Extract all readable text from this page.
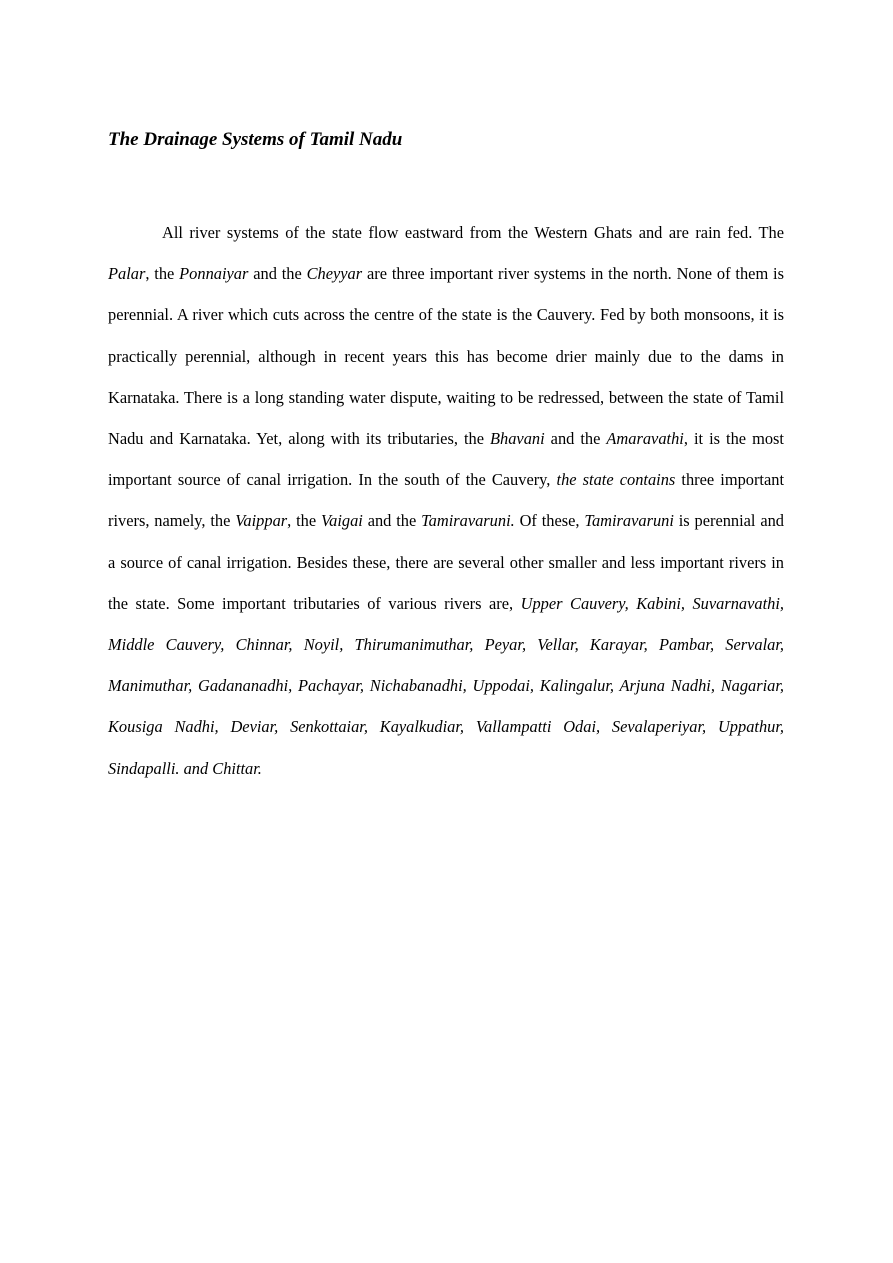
The Drainage Systems of Tamil Nadu

All river systems of the state flow eastward from the Western Ghats and are rain fed. The Palar, the Ponnaiyar and the Cheyyar are three important river systems in the north. None of them is perennial. A river which cuts across the centre of the state is the Cauvery. Fed by both monsoons, it is practically perennial, although in recent years this has become drier mainly due to the dams in Karnataka. There is a long standing water dispute, waiting to be redressed, between the state of Tamil Nadu and Karnataka. Yet, along with its tributaries, the Bhavani and the Amaravathi, it is the most important source of canal irrigation. In the south of the Cauvery, the state contains three important rivers, namely, the Vaippar, the Vaigai and the Tamiravaruni. Of these, Tamiravaruni is perennial and a source of canal irrigation. Besides these, there are several other smaller and less important rivers in the state. Some important tributaries of various rivers are, Upper Cauvery, Kabini, Suvarnavathi, Middle Cauvery, Chinnar, Noyil, Thirumanimuthar, Peyar, Vellar, Karayar, Pambar, Servalar, Manimuthar, Gadananadhi, Pachayar, Nichabanadhi, Uppodai, Kalingalur, Arjuna Nadhi, Nagariar, Kousiga Nadhi, Deviar, Senkottaiar, Kayalkudiar, Vallampatti Odai, Sevalaperiyar, Uppathur, Sindapalli. and Chittar.
